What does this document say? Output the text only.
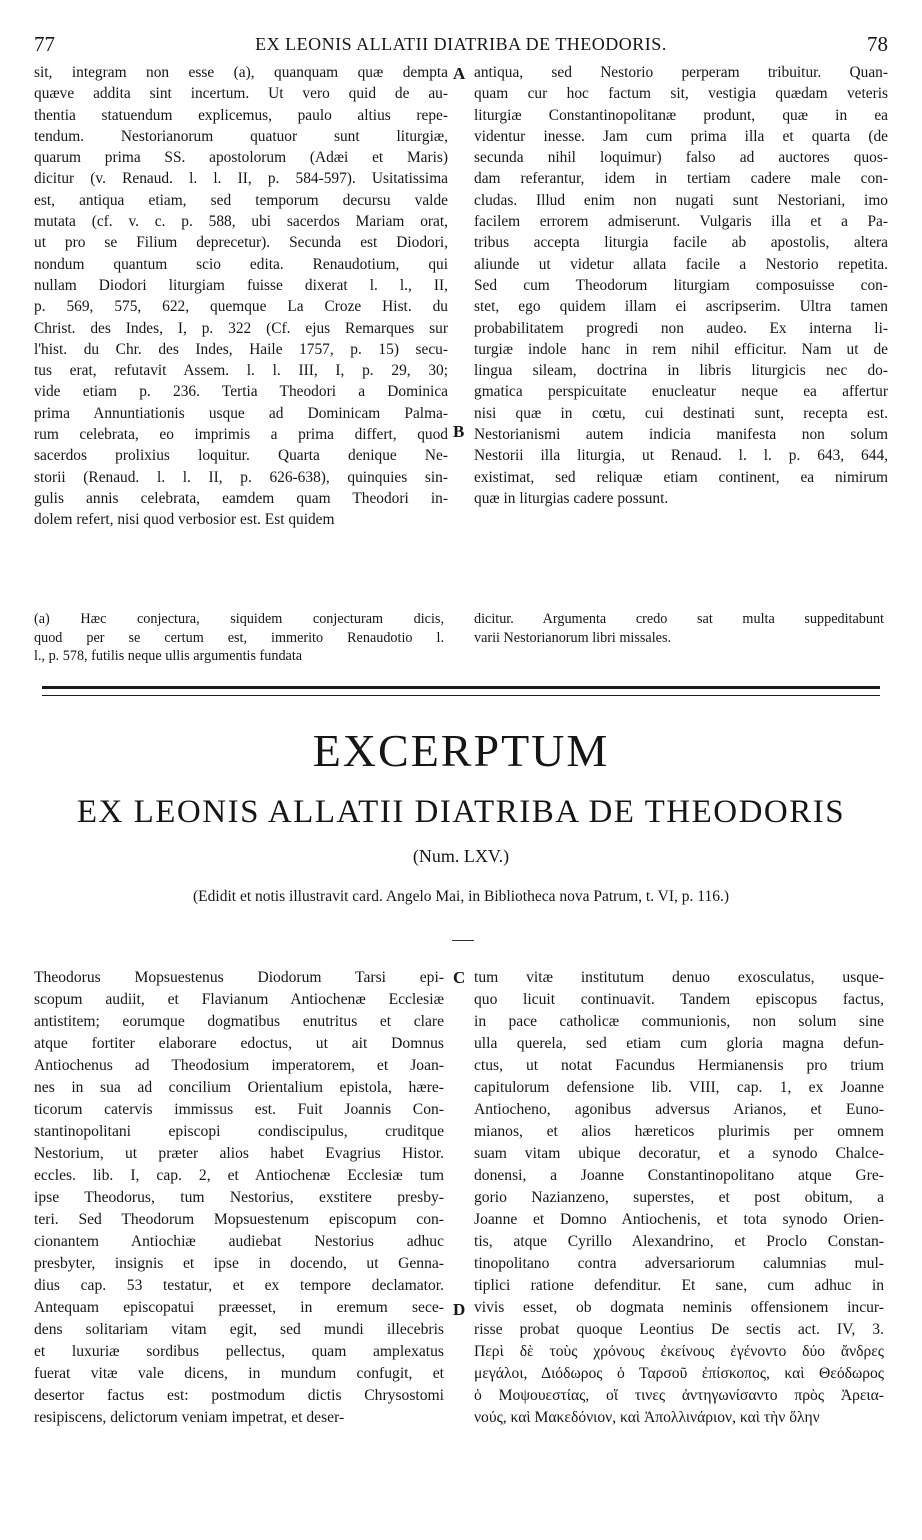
77	EX LEONIS ALLATII DIATRIBA DE THEODORIS.	78
sit, integram non esse (a), quanquam quæ dempta
quæve addita sint incertum. Ut vero quid de au-
thentia statuendum explicemus, paulo altius repe-
tendum. Nestorianorum quatuor sunt liturgiæ,
quarum prima SS. apostolorum (Adæi et Maris)
dicitur (v. Renaud. l. l. II, p. 584-597). Usitatissima
est, antiqua etiam, sed temporum decursu valde
mutata (cf. v. c. p. 588, ubi sacerdos Mariam orat,
ut pro se Filium deprecetur). Secunda est Diodori,
nondum quantum scio edita. Renaudotium, qui
nullam Diodori liturgiam fuisse dixerat l. l., II,
p. 569, 575, 622, quemque La Croze Hist. du
Christ. des Indes, I, p. 322 (Cf. ejus Remarques sur
l'hist. du Chr. des Indes, Haile 1757, p. 15) secu-
tus erat, refutavit Assem. l. l. III, I, p. 29, 30;
vide etiam p. 236. Tertia Theodori a Dominica
prima Annuntiationis usque ad Dominicam Palma-
rum celebrata, eo imprimis a prima differt, quod
sacerdos prolixius loquitur. Quarta denique Ne-
storii (Renaud. l. l. II, p. 626-638), quinquies sin-
gulis annis celebrata, eamdem quam Theodori in-
dolem refert, nisi quod verbosior est. Est quidem
antiqua, sed Nestorio perperam tribuitur. Quan-
quam cur hoc factum sit, vestigia quædam veteris
liturgiæ Constantinopolitanæ produnt, quæ in ea
videntur inesse. Jam cum prima illa et quarta (de
secunda nihil loquimur) falso ad auctores quos-
dam referantur, idem in tertiam cadere male con-
cludas. Illud enim non nugati sunt Nestoriani, imo
facilem errorem admiserunt. Vulgaris illa et a Pa-
tribus accepta liturgia facile ab apostolis, altera
aliunde ut videtur allata facile a Nestorio repetita.
Sed cum Theodorum liturgiam composuisse con-
stet, ego quidem illam ei ascripserim. Ultra tamen
probabilitatem progredi non audeo. Ex interna li-
turgiæ indole hanc in rem nihil efficitur. Nam ut de
lingua sileam, doctrina in libris liturgicis nec do-
gmatica perspicuitate enucleatur neque ea affertur
nisi quæ in cœtu, cui destinati sunt, recepta est.
Nestorianismi autem indicia manifesta non solum
Nestorii illa liturgia, ut Renaud. l. l. p. 643, 644,
existimat, sed reliquæ etiam continent, ea nimirum
quæ in liturgias cadere possunt.
A
B
(a) Hæc conjectura, siquidem conjecturam dicis,
quod per se certum est, immerito Renaudotio l.
l., p. 578, futilis neque ullis argumentis fundata
dicitur. Argumenta credo sat multa suppeditabunt
varii Nestorianorum libri missales.
EXCERPTUM
EX LEONIS ALLATII DIATRIBA DE THEODORIS
(Num. LXV.)
(Edidit et notis illustravit card. Angelo Mai, in Bibliotheca nova Patrum, t. VI, p. 116.)
Theodorus Mopsuestenus Diodorum Tarsi epi-
scopum audiit, et Flavianum Antiochenæ Ecclesiæ
antistitem; eorumque dogmatibus enutritus et clare
atque fortiter elaborare edoctus, ut ait Domnus
Antiochenus ad Theodosium imperatorem, et Joan-
nes in sua ad concilium Orientalium epistola, hære-
ticorum catervis immissus est. Fuit Joannis Con-
stantinopolitani episcopi condiscipulus, cruditque
Nestorium, ut præter alios habet Evagrius Histor.
eccles. lib. I, cap. 2, et Antiochenæ Ecclesiæ tum
ipse Theodorus, tum Nestorius, exstitere presby-
teri. Sed Theodorum Mopsuestenum episcopum con-
cionantem Antiochiæ audiebat Nestorius adhuc
presbyter, insignis et ipse in docendo, ut Genna-
dius cap. 53 testatur, et ex tempore declamator.
Antequam episcopatui præesset, in eremum sece-
dens solitariam vitam egit, sed mundi illecebris
et luxuriæ sordibus pellectus, quam amplexatus
fuerat vitæ vale dicens, in mundum confugit, et
desertor factus est: postmodum dictis Chrysostomi
resipiscens, delictorum veniam impetrat, et deser-
tum vitæ institutum denuo exosculatus, usque-
quo licuit continuavit. Tandem episcopus factus,
in pace catholicæ communionis, non solum sine
ulla querela, sed etiam cum gloria magna defun-
ctus, ut notat Facundus Hermianensis pro trium
capitulorum defensione lib. VIII, cap. 1, ex Joanne
Antiocheno, agonibus adversus Arianos, et Euno-
mianos, et alios hæreticos plurimis per omnem
suam vitam ubique decoratur, et a synodo Chalce-
donensi, a Joanne Constantinopolitano atque Gre-
gorio Nazianzeno, superstes, et post obitum, a
Joanne et Domno Antiochenis, et tota synodo Orien-
tis, atque Cyrillo Alexandrino, et Proclo Constan-
tinopolitano contra adversariorum calumnias mul-
tiplici ratione defenditur. Et sane, cum adhuc in
vivis esset, ob dogmata neminis offensionem incur-
risse probat quoque Leontius De sectis act. IV, 3.
Περὶ δὲ τοὺς χρόνους ἐκείνους ἐγένοντο δύο ἄνδρες
μεγάλοι, Διόδωρος ὁ Ταρσοῦ ἐπίσκοπος, καὶ Θεόδωρος
ὁ Μοψουεστίας, οἵ τινες ἀντηγωνίσαντο πρὸς Ἀρεια-
νούς, καὶ Μακεδόνιον, καὶ Ἀπολλινάριον, καὶ τὴν ὅλην
C
D
